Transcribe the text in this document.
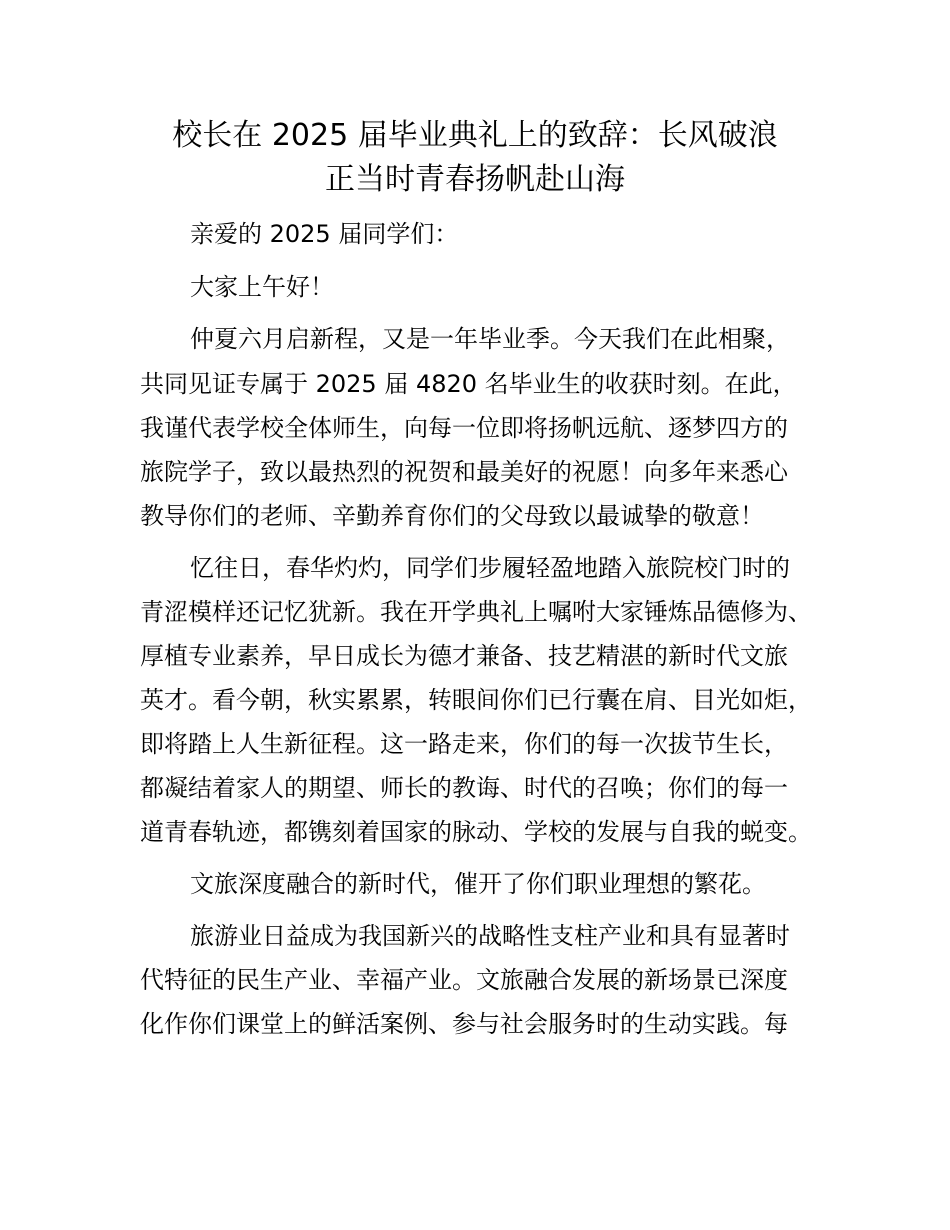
校长在 2025 届毕业典礼上的致辞：长风破浪
正当时青春扬帆赴山海
亲爱的 2025 届同学们：
大家上午好！
仲夏六月启新程，又是一年毕业季。今天我们在此相聚，
共同见证专属于 2025 届 4820 名毕业生的收获时刻。在此，
我谨代表学校全体师生，向每一位即将扬帆远航、逐梦四方的
旅院学子，致以最热烈的祝贺和最美好的祝愿！向多年来悉心
教导你们的老师、辛勤养育你们的父母致以最诚挚的敬意！
忆往日，春华灼灼，同学们步履轻盈地踏入旅院校门时的
青涩模样还记忆犹新。我在开学典礼上嘱咐大家锤炼品德修为、
厚植专业素养，早日成长为德才兼备、技艺精湛的新时代文旅
英才。看今朝，秋实累累，转眼间你们已行囊在肩、目光如炬，
即将踏上人生新征程。这一路走来，你们的每一次拔节生长，
都凝结着家人的期望、师长的教诲、时代的召唤；你们的每一
道青春轨迹，都镌刻着国家的脉动、学校的发展与自我的蜕变。
文旅深度融合的新时代，催开了你们职业理想的繁花。
旅游业日益成为我国新兴的战略性支柱产业和具有显著时
代特征的民生产业、幸福产业。文旅融合发展的新场景已深度
化作你们课堂上的鲜活案例、参与社会服务时的生动实践。每
